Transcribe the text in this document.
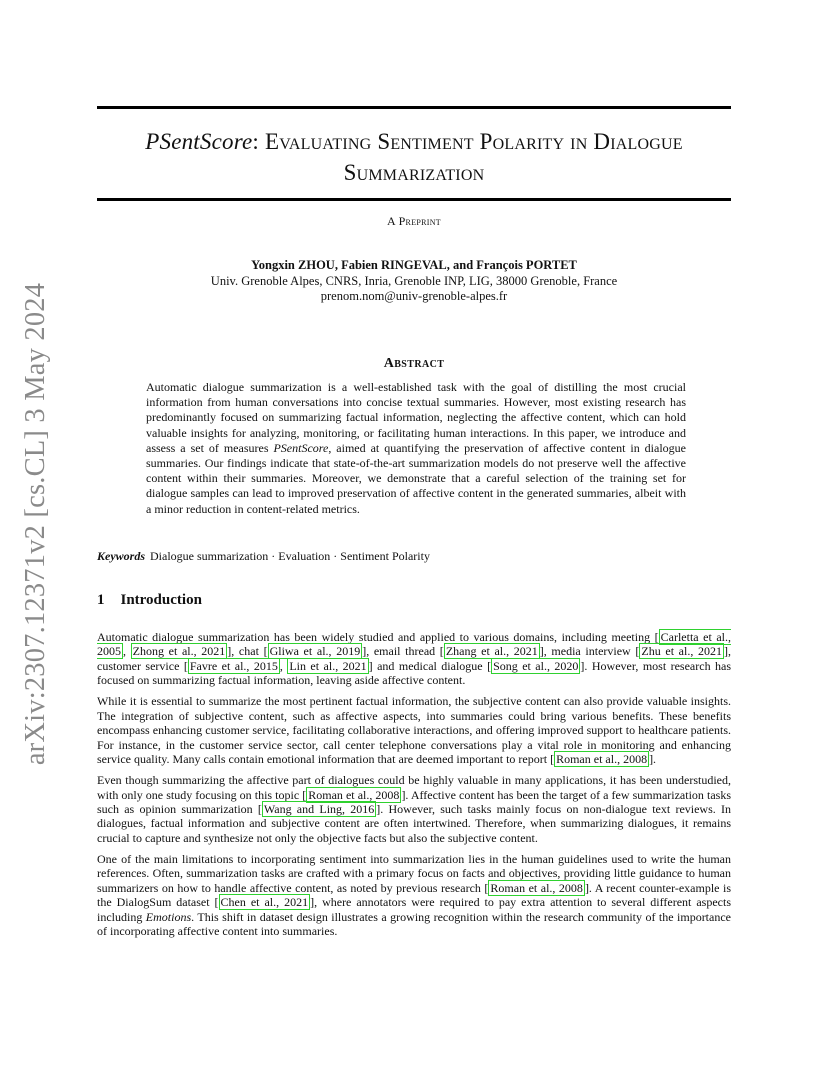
arXiv:2307.12371v2 [cs.CL] 3 May 2024
PSentScore: Evaluating Sentiment Polarity in Dialogue
Summarization
A Preprint
Yongxin ZHOU, Fabien RINGEVAL, and François PORTET
Univ. Grenoble Alpes, CNRS, Inria, Grenoble INP, LIG, 38000 Grenoble, France
prenom.nom@univ-grenoble-alpes.fr
Abstract
Automatic dialogue summarization is a well-established task with the goal of distilling the most crucial information from human conversations into concise textual summaries. However, most existing research has predominantly focused on summarizing factual information, neglecting the affective content, which can hold valuable insights for analyzing, monitoring, or facilitating human interactions. In this paper, we introduce and assess a set of measures PSentScore, aimed at quantifying the preservation of affective content in dialogue summaries. Our findings indicate that state-of-the-art summarization models do not preserve well the affective content within their summaries. Moreover, we demonstrate that a careful selection of the training set for dialogue samples can lead to improved preservation of affective content in the generated summaries, albeit with a minor reduction in content-related metrics.
Keywords Dialogue summarization · Evaluation · Sentiment Polarity
1 Introduction

Automatic dialogue summarization has been widely studied and applied to various domains, including meeting [ Carletta et al., 2005 , Zhong et al., 2021 ], chat [ Gliwa et al., 2019 ], email thread [ Zhang et al., 2021 ], media interview [ Zhu et al., 2021 ], customer service [ Favre et al., 2015 , Lin et al., 2021 ] and medical dialogue [ Song et al., 2020 ]. However, most research has focused on summarizing factual information, leaving aside affective content.

While it is essential to summarize the most pertinent factual information, the subjective content can also provide valuable insights. The integration of subjective content, such as affective aspects, into summaries could bring various benefits. These benefits encompass enhancing customer service, facilitating collaborative interactions, and offering improved support to healthcare patients. For instance, in the customer service sector, call center telephone conversations play a vital role in monitoring and enhancing service quality. Many calls contain emotional information that are deemed important to report [ Roman et al., 2008 ].

Even though summarizing the affective part of dialogues could be highly valuable in many applications, it has been understudied, with only one study focusing on this topic [ Roman et al., 2008 ]. Affective content has been the target of a few summarization tasks such as opinion summarization [ Wang and Ling, 2016 ]. However, such tasks mainly focus on non-dialogue text reviews. In dialogues, factual information and subjective content are often intertwined. Therefore, when summarizing dialogues, it remains crucial to capture and synthesize not only the objective facts but also the subjective content.

One of the main limitations to incorporating sentiment into summarization lies in the human guidelines used to write the human references. Often, summarization tasks are crafted with a primary focus on facts and objectives, providing little guidance to human summarizers on how to handle affective content, as noted by previous research [ Roman et al., 2008 ]. A recent counter-example is the DialogSum dataset [ Chen et al., 2021 ], where annotators were required to pay extra attention to several different aspects including Emotions. This shift in dataset design illustrates a growing recognition within the research community of the importance of incorporating affective content into summaries.
